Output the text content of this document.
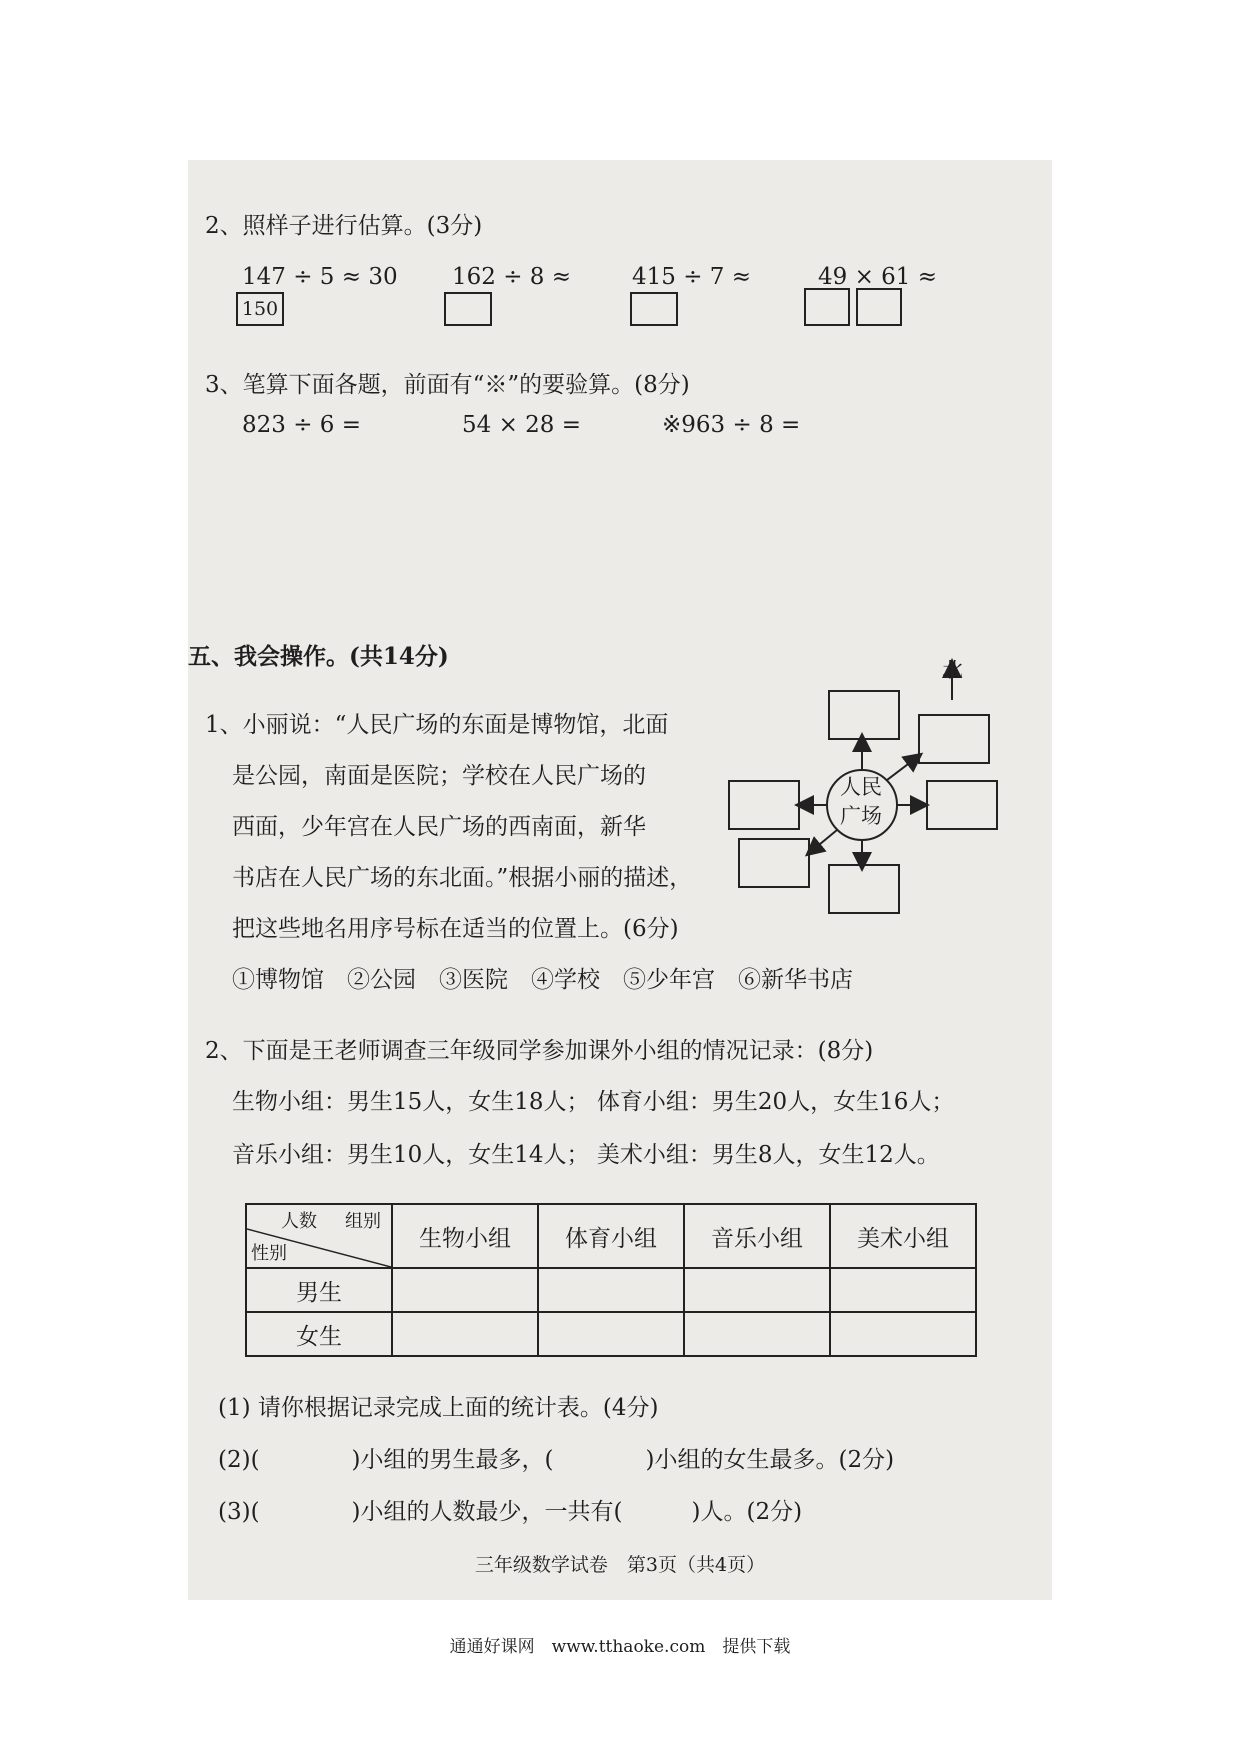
2、照样子进行估算。(3分)
147 ÷ 5 ≈ 30
150
162 ÷ 8 ≈	415 ÷ 7 ≈	49 × 61 ≈
3、笔算下面各题，前面有“※”的要验算。(8分)
823 ÷ 6 =	54 × 28 =	※963 ÷ 8 =
五、我会操作。(共14分)
1、小丽说：“人民广场的东面是博物馆，北面
是公园，南面是医院；学校在人民广场的
西面，少年宫在人民广场的西南面，新华
书店在人民广场的东北面。”根据小丽的描述，
把这些地名用序号标在适当的位置上。(6分)
①博物馆　②公园　③医院　④学校　⑤少年宫　⑥新华书店
北
人民
广场
2、下面是王老师调查三年级同学参加课外小组的情况记录：(8分)
生物小组：男生15人，女生18人； 体育小组：男生20人，女生16人；
音乐小组：男生10人，女生14人； 美术小组：男生8人，女生12人。
人数 组别
性别	生物小组	体育小组	音乐小组	美术小组
男生				
女生				
(1) 请你根据记录完成上面的统计表。(4分)
(2)(　　　　)小组的男生最多，(　　　　)小组的女生最多。(2分)
(3)(　　　　)小组的人数最少，一共有(　　　)人。(2分)
三年级数学试卷　第3页（共4页）
通通好课网　www.tthaoke.com　提供下载
